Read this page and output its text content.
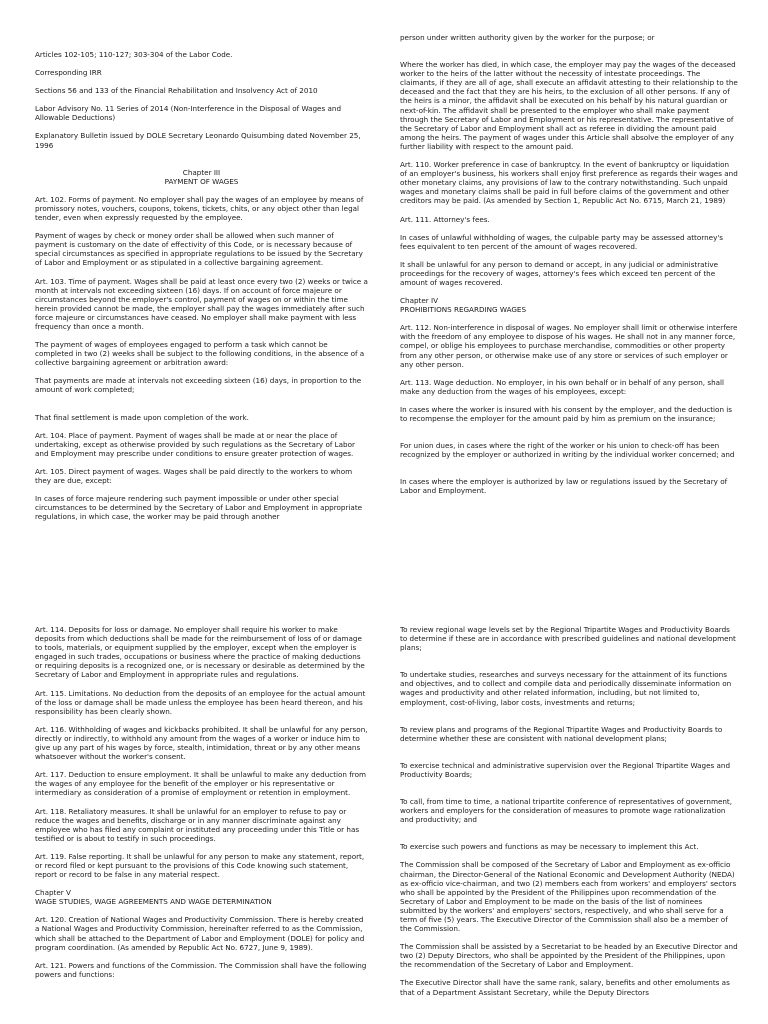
Articles 102-105; 110-127; 303-304 of the Labor Code.

Corresponding IRR

Sections 56 and 133 of the Financial Rehabilitation and Insolvency Act of 2010

Labor Advisory No. 11 Series of 2014 (Non-Interference in the Disposal of Wages and Allowable Deductions)

Explanatory Bulletin issued by DOLE Secretary Leonardo Quisumbing dated November 25, 1996

Chapter III

PAYMENT OF WAGES

Art. 102. Forms of payment. No employer shall pay the wages of an employee by means of promissory notes, vouchers, coupons, tokens, tickets, chits, or any object other than legal tender, even when expressly requested by the employee.

Payment of wages by check or money order shall be allowed when such manner of payment is customary on the date of effectivity of this Code, or is necessary because of special circumstances as specified in appropriate regulations to be issued by the Secretary of Labor and Employment or as stipulated in a collective bargaining agreement.

Art. 103. Time of payment. Wages shall be paid at least once every two (2) weeks or twice a month at intervals not exceeding sixteen (16) days. If on account of force majeure or circumstances beyond the employer's control, payment of wages on or within the time herein provided cannot be made, the employer shall pay the wages immediately after such force majeure or circumstances have ceased. No employer shall make payment with less frequency than once a month.

The payment of wages of employees engaged to perform a task which cannot be completed in two (2) weeks shall be subject to the following conditions, in the absence of a collective bargaining agreement or arbitration award:

That payments are made at intervals not exceeding sixteen (16) days, in proportion to the amount of work completed;

That final settlement is made upon completion of the work.

Art. 104. Place of payment. Payment of wages shall be made at or near the place of undertaking, except as otherwise provided by such regulations as the Secretary of Labor and Employment may prescribe under conditions to ensure greater protection of wages.

Art. 105. Direct payment of wages. Wages shall be paid directly to the workers to whom they are due, except:

In cases of force majeure rendering such payment impossible or under other special circumstances to be determined by the Secretary of Labor and Employment in appropriate regulations, in which case, the worker may be paid through another

person under written authority given by the worker for the purpose; or

Where the worker has died, in which case, the employer may pay the wages of the deceased worker to the heirs of the latter without the necessity of intestate proceedings. The claimants, if they are all of age, shall execute an affidavit attesting to their relationship to the deceased and the fact that they are his heirs, to the exclusion of all other persons. If any of the heirs is a minor, the affidavit shall be executed on his behalf by his natural guardian or next-of-kin. The affidavit shall be presented to the employer who shall make payment through the Secretary of Labor and Employment or his representative. The representative of the Secretary of Labor and Employment shall act as referee in dividing the amount paid among the heirs. The payment of wages under this Article shall absolve the employer of any further liability with respect to the amount paid.

Art. 110. Worker preference in case of bankruptcy. In the event of bankruptcy or liquidation of an employer's business, his workers shall enjoy first preference as regards their wages and other monetary claims, any provisions of law to the contrary notwithstanding. Such unpaid wages and monetary claims shall be paid in full before claims of the government and other creditors may be paid. (As amended by Section 1, Republic Act No. 6715, March 21, 1989)

Art. 111. Attorney's fees.

In cases of unlawful withholding of wages, the culpable party may be assessed attorney's fees equivalent to ten percent of the amount of wages recovered.

It shall be unlawful for any person to demand or accept, in any judicial or administrative proceedings for the recovery of wages, attorney's fees which exceed ten percent of the amount of wages recovered.

Chapter IV

PROHIBITIONS REGARDING WAGES

Art. 112. Non-interference in disposal of wages. No employer shall limit or otherwise interfere with the freedom of any employee to dispose of his wages. He shall not in any manner force, compel, or oblige his employees to purchase merchandise, commodities or other property from any other person, or otherwise make use of any store or services of such employer or any other person.

Art. 113. Wage deduction. No employer, in his own behalf or in behalf of any person, shall make any deduction from the wages of his employees, except:

In cases where the worker is insured with his consent by the employer, and the deduction is to recompense the employer for the amount paid by him as premium on the insurance;

For union dues, in cases where the right of the worker or his union to check-off has been recognized by the employer or authorized in writing by the individual worker concerned; and

In cases where the employer is authorized by law or regulations issued by the Secretary of Labor and Employment.

Art. 114. Deposits for loss or damage. No employer shall require his worker to make deposits from which deductions shall be made for the reimbursement of loss of or damage to tools, materials, or equipment supplied by the employer, except when the employer is engaged in such trades, occupations or business where the practice of making deductions or requiring deposits is a recognized one, or is necessary or desirable as determined by the Secretary of Labor and Employment in appropriate rules and regulations.

Art. 115. Limitations. No deduction from the deposits of an employee for the actual amount of the loss or damage shall be made unless the employee has been heard thereon, and his responsibility has been clearly shown.

Art. 116. Withholding of wages and kickbacks prohibited. It shall be unlawful for any person, directly or indirectly, to withhold any amount from the wages of a worker or induce him to give up any part of his wages by force, stealth, intimidation, threat or by any other means whatsoever without the worker's consent.

Art. 117. Deduction to ensure employment. It shall be unlawful to make any deduction from the wages of any employee for the benefit of the employer or his representative or intermediary as consideration of a promise of employment or retention in employment.

Art. 118. Retaliatory measures. It shall be unlawful for an employer to refuse to pay or reduce the wages and benefits, discharge or in any manner discriminate against any employee who has filed any complaint or instituted any proceeding under this Title or has testified or is about to testify in such proceedings.

Art. 119. False reporting. It shall be unlawful for any person to make any statement, report, or record filed or kept pursuant to the provisions of this Code knowing such statement, report or record to be false in any material respect.

Chapter V

WAGE STUDIES, WAGE AGREEMENTS AND WAGE DETERMINATION

Art. 120. Creation of National Wages and Productivity Commission. There is hereby created a National Wages and Productivity Commission, hereinafter referred to as the Commission, which shall be attached to the Department of Labor and Employment (DOLE) for policy and program coordination. (As amended by Republic Act No. 6727, June 9, 1989).

Art. 121. Powers and functions of the Commission. The Commission shall have the following powers and functions:

To review regional wage levels set by the Regional Tripartite Wages and Productivity Boards to determine if these are in accordance with prescribed guidelines and national development plans;

To undertake studies, researches and surveys necessary for the attainment of its functions and objectives, and to collect and compile data and periodically disseminate information on wages and productivity and other related information, including, but not limited to, employment, cost-of-living, labor costs, investments and returns;

To review plans and programs of the Regional Tripartite Wages and Productivity Boards to determine whether these are consistent with national development plans;

To exercise technical and administrative supervision over the Regional Tripartite Wages and Productivity Boards;

To call, from time to time, a national tripartite conference of representatives of government, workers and employers for the consideration of measures to promote wage rationalization and productivity; and

To exercise such powers and functions as may be necessary to implement this Act.

The Commission shall be composed of the Secretary of Labor and Employment as ex-officio chairman, the Director-General of the National Economic and Development Authority (NEDA) as ex-officio vice-chairman, and two (2) members each from workers' and employers' sectors who shall be appointed by the President of the Philippines upon recommendation of the Secretary of Labor and Employment to be made on the basis of the list of nominees submitted by the workers' and employers' sectors, respectively, and who shall serve for a term of five (5) years. The Executive Director of the Commission shall also be a member of the Commission.

The Commission shall be assisted by a Secretariat to be headed by an Executive Director and two (2) Deputy Directors, who shall be appointed by the President of the Philippines, upon the recommendation of the Secretary of Labor and Employment.

The Executive Director shall have the same rank, salary, benefits and other emoluments as that of a Department Assistant Secretary, while the Deputy Directors
